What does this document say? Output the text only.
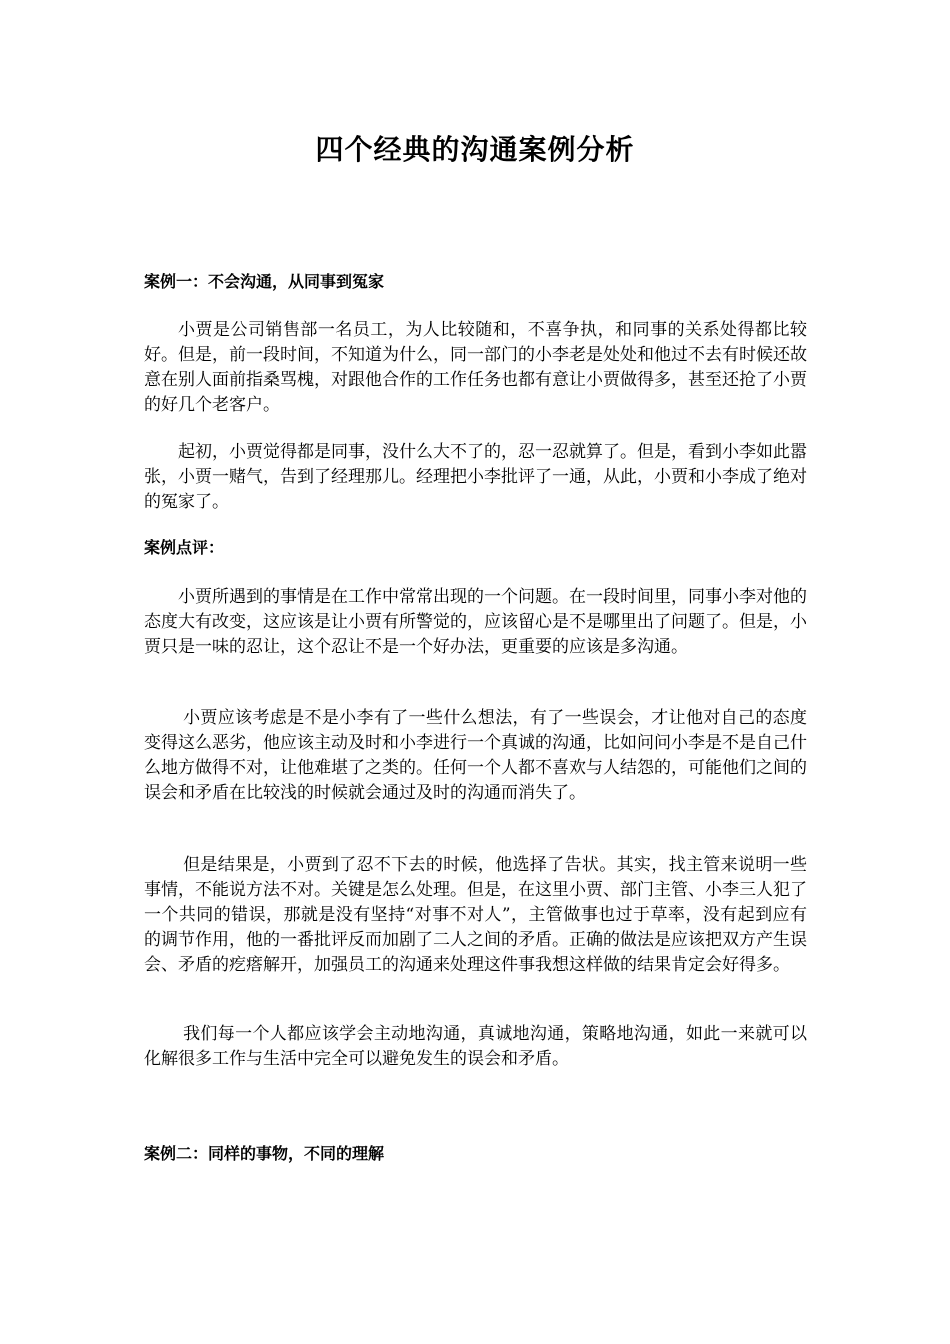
四个经典的沟通案例分析
案例一：不会沟通，从同事到冤家

小贾是公司销售部一名员工，为人比较随和，不喜争执，和同事的关系处得都比较好。但是，前一段时间，不知道为什么，同一部门的小李老是处处和他过不去有时候还故意在别人面前指桑骂槐，对跟他合作的工作任务也都有意让小贾做得多，甚至还抢了小贾的好几个老客户。

起初，小贾觉得都是同事，没什么大不了的，忍一忍就算了。但是，看到小李如此嚣张，小贾一赌气，告到了经理那儿。经理把小李批评了一通，从此，小贾和小李成了绝对的冤家了。

案例点评：

小贾所遇到的事情是在工作中常常出现的一个问题。在一段时间里，同事小李对他的态度大有改变，这应该是让小贾有所警觉的，应该留心是不是哪里出了问题了。但是，小贾只是一味的忍让，这个忍让不是一个好办法，更重要的应该是多沟通。

小贾应该考虑是不是小李有了一些什么想法，有了一些误会，才让他对自己的态度变得这么恶劣，他应该主动及时和小李进行一个真诚的沟通，比如问问小李是不是自己什么地方做得不对，让他难堪了之类的。任何一个人都不喜欢与人结怨的，可能他们之间的误会和矛盾在比较浅的时候就会通过及时的沟通而消失了。

但是结果是，小贾到了忍不下去的时候，他选择了告状。其实，找主管来说明一些事情，不能说方法不对。关键是怎么处理。但是，在这里小贾、部门主管、小李三人犯了一个共同的错误，那就是没有坚持“对事不对人”，主管做事也过于草率，没有起到应有的调节作用，他的一番批评反而加剧了二人之间的矛盾。正确的做法是应该把双方产生误会、矛盾的疙瘩解开，加强员工的沟通来处理这件事我想这样做的结果肯定会好得多。

我们每一个人都应该学会主动地沟通，真诚地沟通，策略地沟通，如此一来就可以化解很多工作与生活中完全可以避免发生的误会和矛盾。

案例二：同样的事物，不同的理解
